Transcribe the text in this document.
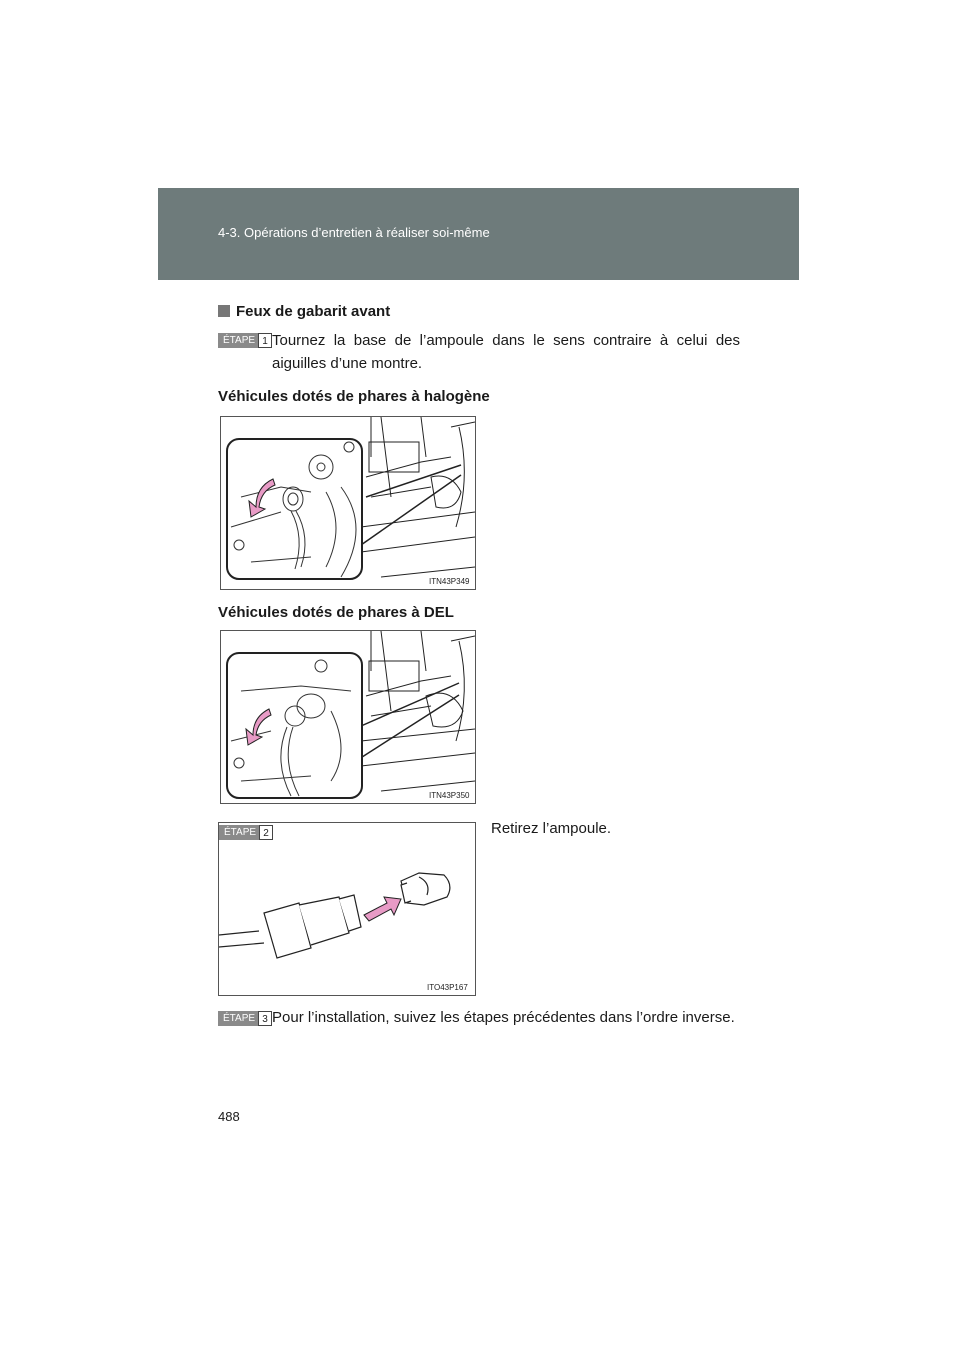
4-3. Opérations d’entretien à réaliser soi-même
Feux de gabarit avant
ÉTAPE 1 Tournez la base de l’ampoule dans le sens contraire à celui des aiguilles d’une montre.
Véhicules dotés de phares à halogène
ITN43P349
Véhicules dotés de phares à DEL
ITN43P350
ÉTAPE 2
ITO43P167
Retirez l’ampoule.
ÉTAPE 3 Pour l’installation, suivez les étapes précédentes dans l’ordre inverse.
488
